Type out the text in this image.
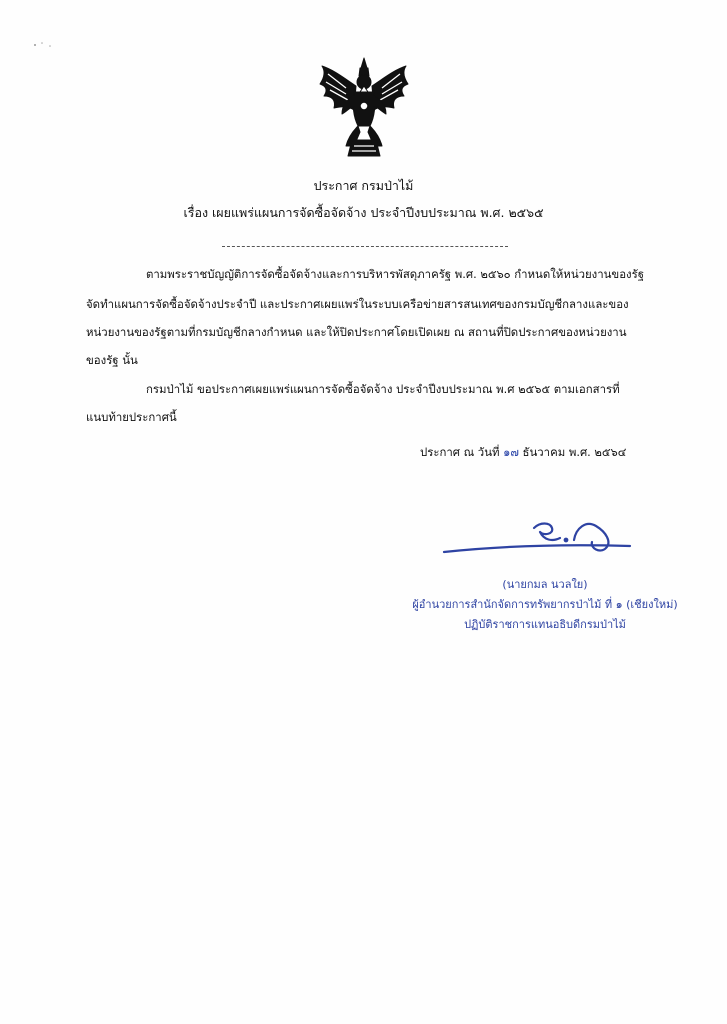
ประกาศ กรมป่าไม้
เรื่อง เผยแพร่แผนการจัดซื้อจัดจ้าง ประจำปีงบประมาณ พ.ศ. ๒๕๖๕
ตามพระราชบัญญัติการจัดซื้อจัดจ้างและการบริหารพัสดุภาครัฐ พ.ศ. ๒๕๖๐ กำหนดให้หน่วยงานของรัฐ
จัดทำแผนการจัดซื้อจัดจ้างประจำปี และประกาศเผยแพร่ในระบบเครือข่ายสารสนเทศของกรมบัญชีกลางและของ
หน่วยงานของรัฐตามที่กรมบัญชีกลางกำหนด และให้ปิดประกาศโดยเปิดเผย ณ สถานที่ปิดประกาศของหน่วยงาน
ของรัฐ นั้น
กรมป่าไม้ ขอประกาศเผยแพร่แผนการจัดซื้อจัดจ้าง ประจำปีงบประมาณ พ.ศ ๒๕๖๕ ตามเอกสารที่
แนบท้ายประกาศนี้
ประกาศ ณ วันที่ ๑๗ ธันวาคม พ.ศ. ๒๕๖๔
(นายกมล นวลใย)
ผู้อำนวยการสำนักจัดการทรัพยากรป่าไม้ ที่ ๑ (เชียงใหม่)
ปฏิบัติราชการแทนอธิบดีกรมป่าไม้
